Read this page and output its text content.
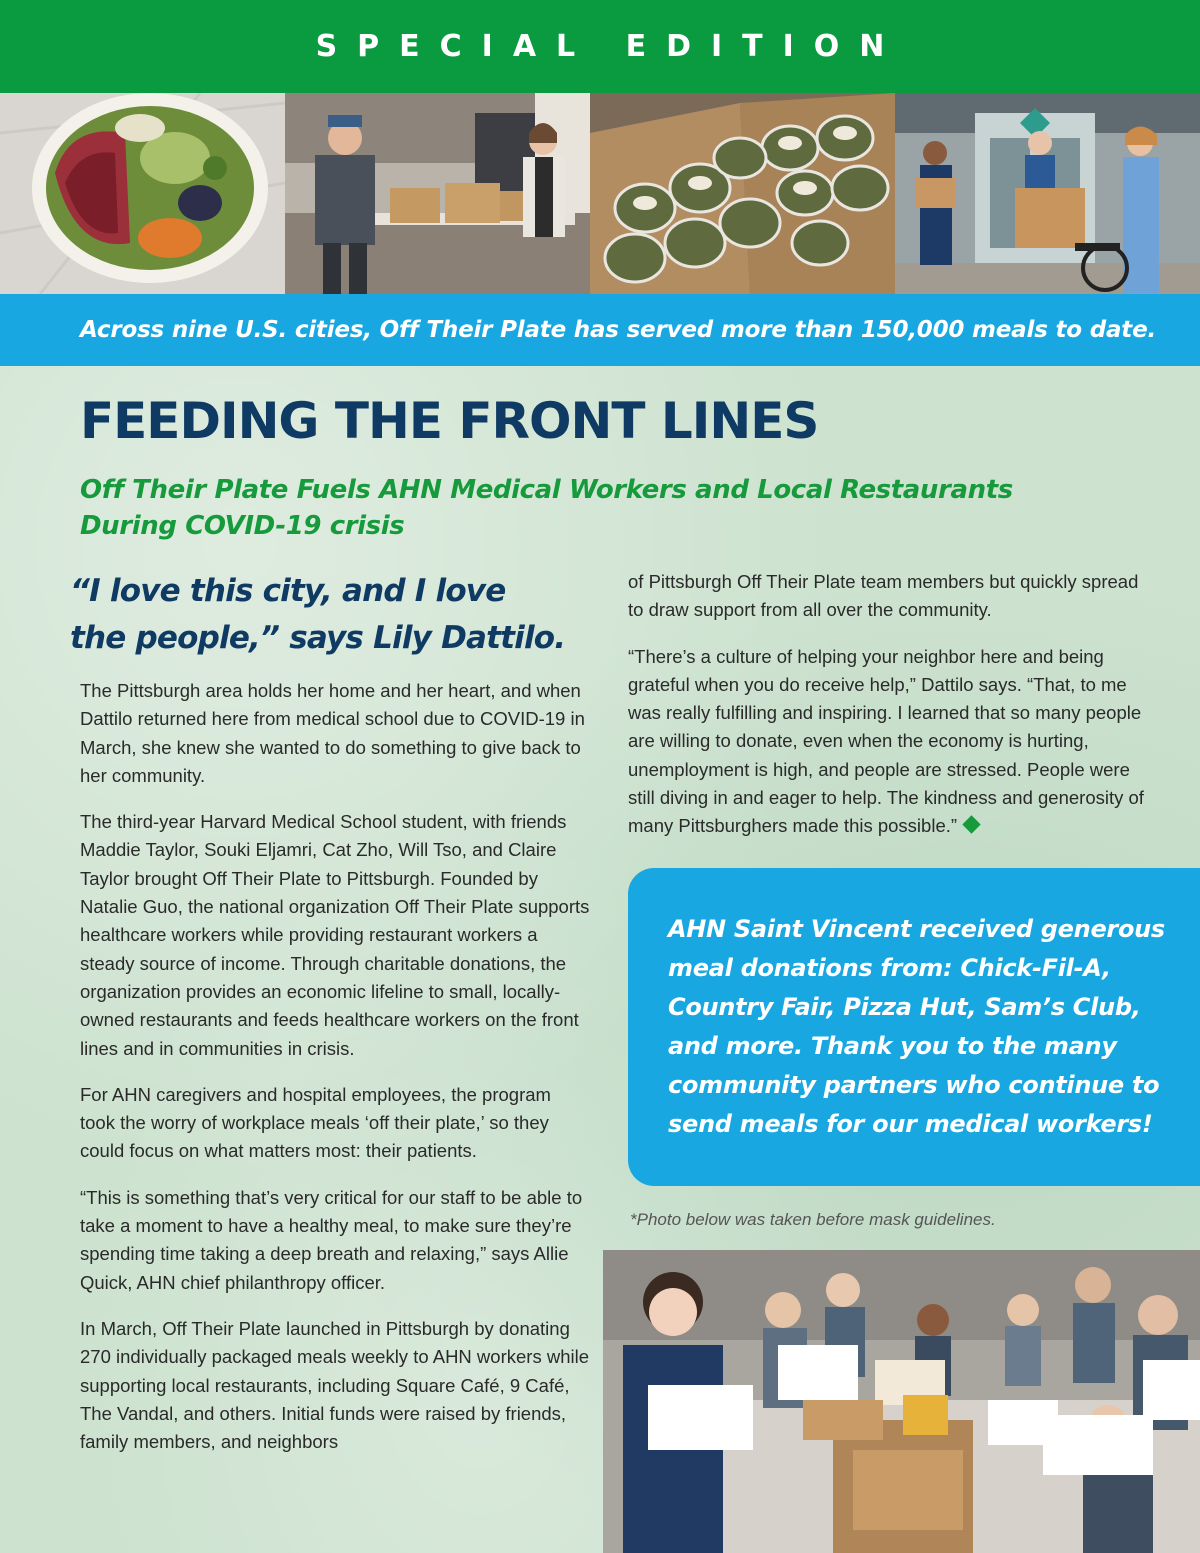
SPECIAL EDITION
Across nine U.S. cities, Off Their Plate has served more than 150,000 meals to date.
FEEDING THE FRONT LINES
Off Their Plate Fuels AHN Medical Workers and Local Restaurants
During COVID-19 crisis
“I love this city, and I love
the people,” says Lily Dattilo.

The Pittsburgh area holds her home and her heart, and when Dattilo returned here from medical school due to COVID-19 in March, she knew she wanted to do something to give back to her community.

The third-year Harvard Medical School student, with friends Maddie Taylor, Souki Eljamri, Cat Zho, Will Tso, and Claire Taylor brought Off Their Plate to Pittsburgh. Founded by Natalie Guo, the national organization Off Their Plate supports healthcare workers while providing restaurant workers a steady source of income. Through charitable donations, the organization provides an economic lifeline to small, locally-owned restaurants and feeds healthcare workers on the front lines and in communities in crisis.

For AHN caregivers and hospital employees, the program took the worry of workplace meals ‘off their plate,’ so they could focus on what matters most: their patients.

“This is something that’s very critical for our staff to be able to take a moment to have a healthy meal, to make sure they’re spending time taking a deep breath and relaxing,” says Allie Quick, AHN chief philanthropy officer.

In March, Off Their Plate launched in Pittsburgh by donating 270 individually packaged meals weekly to AHN workers while supporting local restaurants, including Square Café, 9 Café, The Vandal, and others. Initial funds were raised by friends, family members, and neighbors

of Pittsburgh Off Their Plate team members but quickly spread to draw support from all over the community.

“There’s a culture of helping your neighbor here and being grateful when you do receive help,” Dattilo says. “That, to me was really fulfilling and inspiring. I learned that so many people are willing to donate, even when the economy is hurting, unemployment is high, and people are stressed. People were still diving in and eager to help. The kindness and generosity of many Pittsburghers made this possible.”

AHN Saint Vincent received generous meal donations from: Chick-Fil-A, Country Fair, Pizza Hut, Sam’s Club, and more. Thank you to the many community partners who continue to send meals for our medical workers!

*Photo below was taken before mask guidelines.
